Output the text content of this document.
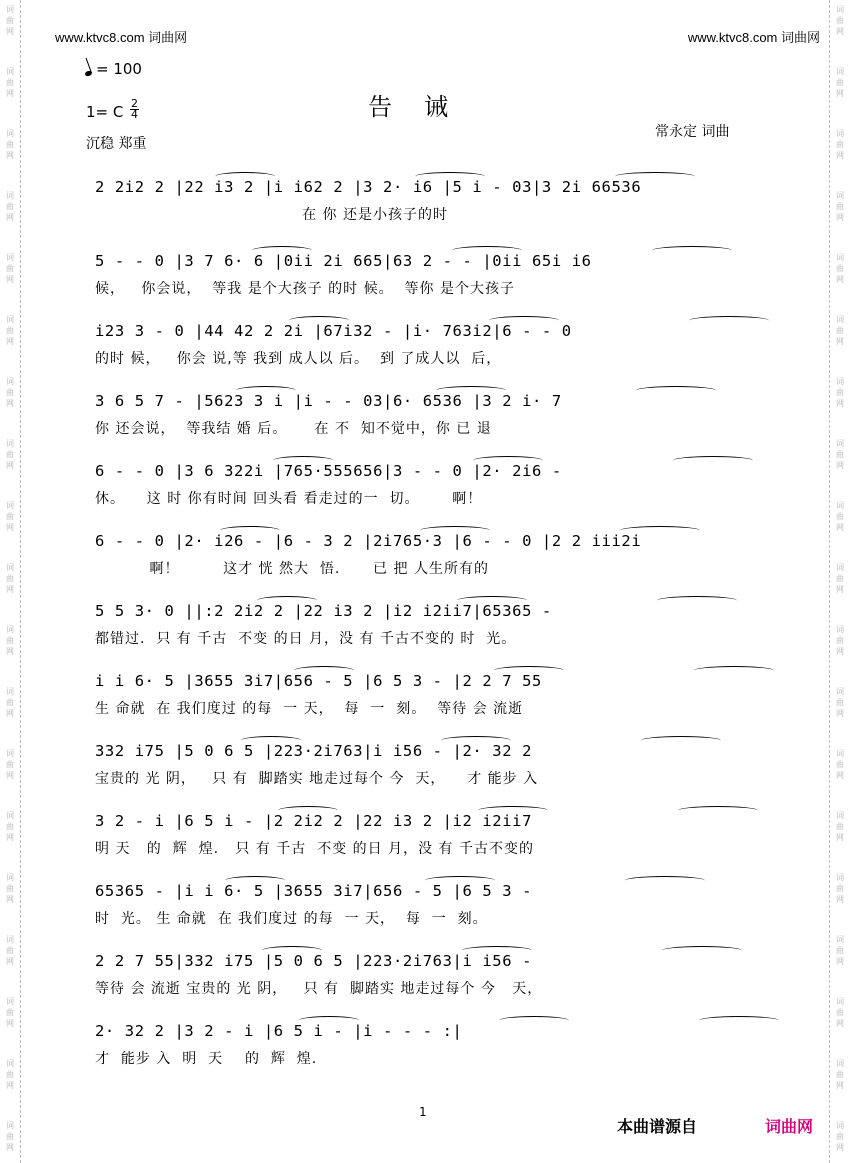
词
曲
网
词
曲
网
词
曲
网
词
曲
网
词
曲
网
词
曲
网
词
曲
网
词
曲
网
词
曲
网
词
曲
网
词
曲
网
词
曲
网
词
曲
网
词
曲
网
词
曲
网
词
曲
网
词
曲
网
词
曲
网
词
曲
网
词
曲
网
词
曲
网
词
曲
网
词
曲
网
词
曲
网
词
曲
网
词
曲
网
词
曲
网
词
曲
网
词
曲
网
词
曲
网
词
曲
网
词
曲
网
词
曲
网
词
曲
网
词
曲
网
词
曲
网
词
曲
网
词
曲
网
www.ktvc8.com 词曲网	www.ktvc8.com 词曲网
= 100
1= C 2
4
沉稳 郑重
告诫
常永定 词曲
2 2i2 2 |22 i3 2 |i i62 2 |3 2· i6 |5 i - 03|3 2i 66536
在 你 还是小孩子的时
5 - - 0 |3 7 6· 6 |0ii 2i 665|63 2 - - |0ii 65i i6
候，   你会说，  等我 是个大孩子 的时 候。  等你 是个大孩子
i23 3 - 0 |44 42 2 2i |67i32 - |i· 763i2|6 - - 0
的时 候，   你会 说,等 我到 成人以 后。  到 了成人以  后，
3 6 5 7 - |5623 3 i |i - - 03|6· 6536 |3 2 i· 7
你 还会说，  等我结 婚 后。     在 不  知不觉中，你 已 退
6 - - 0 |3 6 322i |765·555656|3 - - 0 |2· 2i6 -
休。    这 时 你有时间 回头看 看走过的一  切。      啊！
6 - - 0 |2· i26 - |6 - 3 2 |2i765·3 |6 - - 0 |2 2 iii2i
啊！        这才 恍 然大  悟.      已 把 人生所有的
5 5 3· 0 ||:2 2i2 2 |22 i3 2 |i2 i2ii7|65365 -
都错过.  只 有 千古  不变 的日 月，没 有 千古不变的 时  光。
i i 6· 5 |3655 3i7|656 - 5 |6 5 3 - |2 2 7 55
生 命就  在 我们度过 的每  一 天，  每  一  刻。  等待 会 流逝
332 i75 |5 0 6 5 |223·2i763|i i56 - |2· 32 2
宝贵的 光 阴，   只 有  脚踏实 地走过每个 今  天，    才 能步 入
3 2 - i |6 5 i - |2 2i2 2 |22 i3 2 |i2 i2ii7
明 天   的  辉  煌.   只 有 千古  不变 的日 月，没 有 千古不变的
65365 - |i i 6· 5 |3655 3i7|656 - 5 |6 5 3 -
时  光。 生 命就  在 我们度过 的每  一 天，  每  一  刻。
2 2 7 55|332 i75 |5 0 6 5 |223·2i763|i i56 -
等待 会 流逝 宝贵的 光 阴，   只 有  脚踏实 地走过每个 今   天，
2· 32 2 |3 2 - i |6 5 i - |i - - - :|
才  能步 入  明  天    的  辉  煌.
1
本曲谱源自	词曲网
